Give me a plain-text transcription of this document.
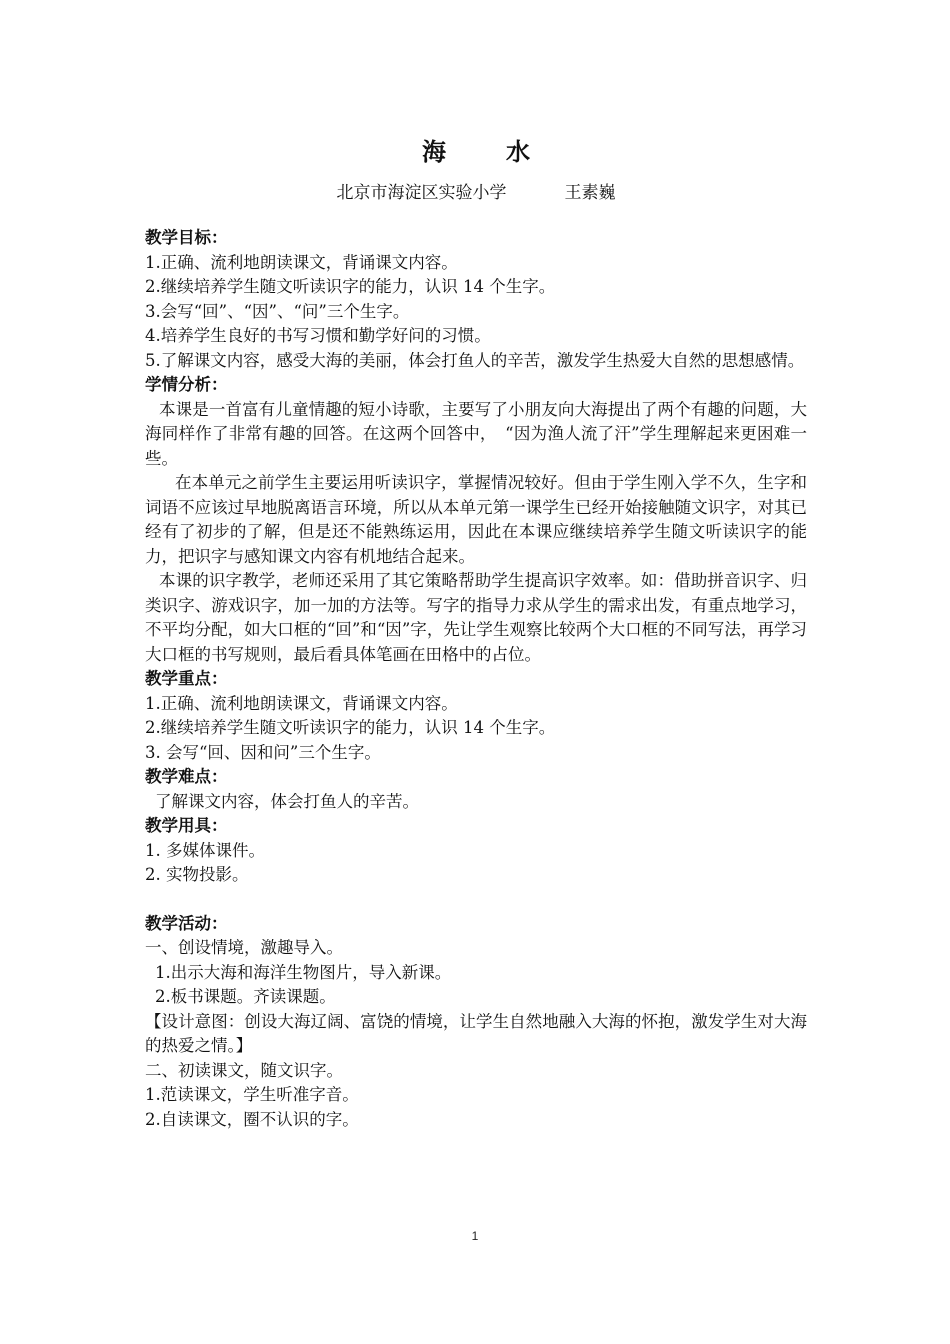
海　水
北京市海淀区实验小学	王素巍
教学目标：
1.正确、流利地朗读课文，背诵课文内容。
2.继续培养学生随文听读识字的能力，认识 14 个生字。
3.会写“回”、“因”、“问”三个生字。
4.培养学生良好的书写习惯和勤学好问的习惯。
5.了解课文内容，感受大海的美丽，体会打鱼人的辛苦，激发学生热爱大自然的思想感情。
学情分析：
本课是一首富有儿童情趣的短小诗歌，主要写了小朋友向大海提出了两个有趣的问题，大海同样作了非常有趣的回答。在这两个回答中，　“因为渔人流了汗”学生理解起来更困难一些。
在本单元之前学生主要运用听读识字，掌握情况较好。但由于学生刚入学不久，生字和词语不应该过早地脱离语言环境，所以从本单元第一课学生已经开始接触随文识字，对其已经有了初步的了解，但是还不能熟练运用，因此在本课应继续培养学生随文听读识字的能力，把识字与感知课文内容有机地结合起来。
本课的识字教学，老师还采用了其它策略帮助学生提高识字效率。如：借助拼音识字、归类识字、游戏识字，加一加的方法等。写字的指导力求从学生的需求出发，有重点地学习，不平均分配，如大口框的“回”和“因”字，先让学生观察比较两个大口框的不同写法，再学习大口框的书写规则，最后看具体笔画在田格中的占位。
教学重点：
1.正确、流利地朗读课文，背诵课文内容。
2.继续培养学生随文听读识字的能力，认识 14 个生字。
3. 会写“回、因和问”三个生字。
教学难点：
了解课文内容，体会打鱼人的辛苦。
教学用具：
1. 多媒体课件。
2. 实物投影。
教学活动：
一、创设情境，激趣导入。
1.出示大海和海洋生物图片，导入新课。
2.板书课题。齐读课题。
【设计意图：创设大海辽阔、富饶的情境，让学生自然地融入大海的怀抱，激发学生对大海的热爱之情。】
二、初读课文，随文识字。
1.范读课文，学生听准字音。
2.自读课文，圈不认识的字。
1
